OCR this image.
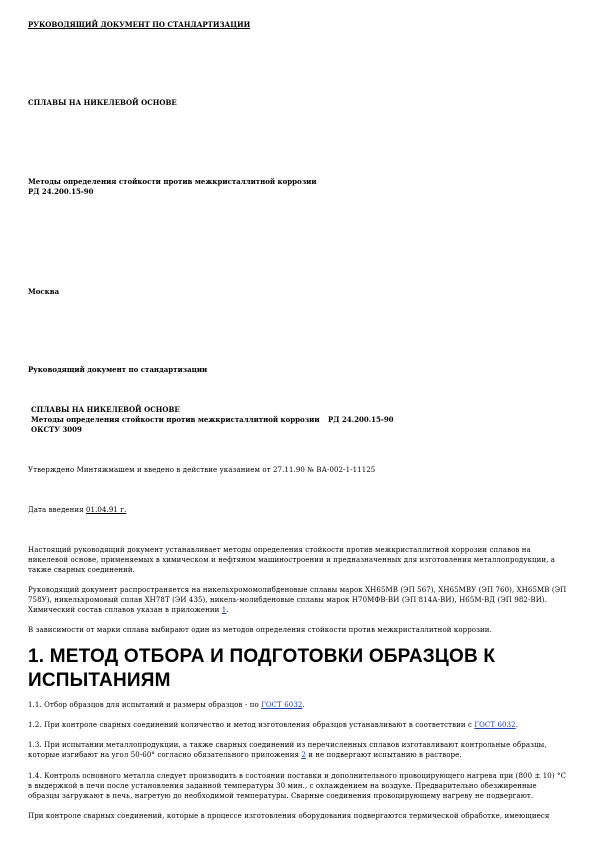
РУКОВОДЯЩИЙ ДОКУМЕНТ ПО СТАНДАРТИЗАЦИИ
СПЛАВЫ НА НИКЕЛЕВОЙ ОСНОВЕ
Методы определения стойкости против межкристаллитной коррозии
РД 24.200.15-90
Москва
Руководящий документ по стандартизации
СПЛАВЫ НА НИКЕЛЕВОЙ ОСНОВЕ
Методы определения стойкости против межкристаллитной коррозии РД 24.200.15-90
ОКСТУ 3009
Утверждено Минтяжмашем и введено в действие указанием от 27.11.90 № ВА-002-1-11125
Дата введения 01.04.91 г.
Настоящий руководящий документ устанавливает методы определения стойкости против межкристаллитной коррозии сплавов на никелевой основе, применяемых в химическом и нефтяном машиностроении и предназначенных для изготовления металлопродукции, а также сварных соединений.
Руководящий документ распространяется на никельхромомолибденовые сплавы марок ХН65МВ (ЭП 567), ХН65МВУ (ЭП 760), ХН65МВ (ЭП 758У), никельхромовый сплав ХН78Т (ЭИ 435), никель-молибденовые сплавы марок Н70МФВ-ВИ (ЭП 814А-ВИ), Н65М-ВД (ЭП 982-ВИ). Химический состав сплавов указан в приложении 1.
В зависимости от марки сплава выбирают один из методов определения стойкости против межкристаллитной коррозии.
1. МЕТОД ОТБОРА И ПОДГОТОВКИ ОБРАЗЦОВ К ИСПЫТАНИЯМ
1.1. Отбор образцов для испытаний и размеры образцов - по ГОСТ 6032.
1.2. При контроле сварных соединений количество и метод изготовления образцов устанавливают в соответствии с ГОСТ 6032.
1.3. При испытании металлопродукции, а также сварных соединений из перечисленных сплавов изготавливают контрольные образцы, которые изгибают на угол 50-60° согласно обязательного приложения 2 и не подвергают испытанию в растворе.
1.4. Контроль основного металла следует производить в состоянии поставки и дополнительного провоцирующего нагрева при (800 ± 10) °С в выдержкой в печи после установления заданной температуры 30 мин., с охлаждением на воздухе. Предварительно обезжиренные образцы загружают в печь, нагретую до необходимой температуры. Сварные соединения провоцирующему нагреву не подвергают.
При контроле сварных соединений, которые в процессе изготовления оборудования подвергаются термической обработке, имеющиеся
